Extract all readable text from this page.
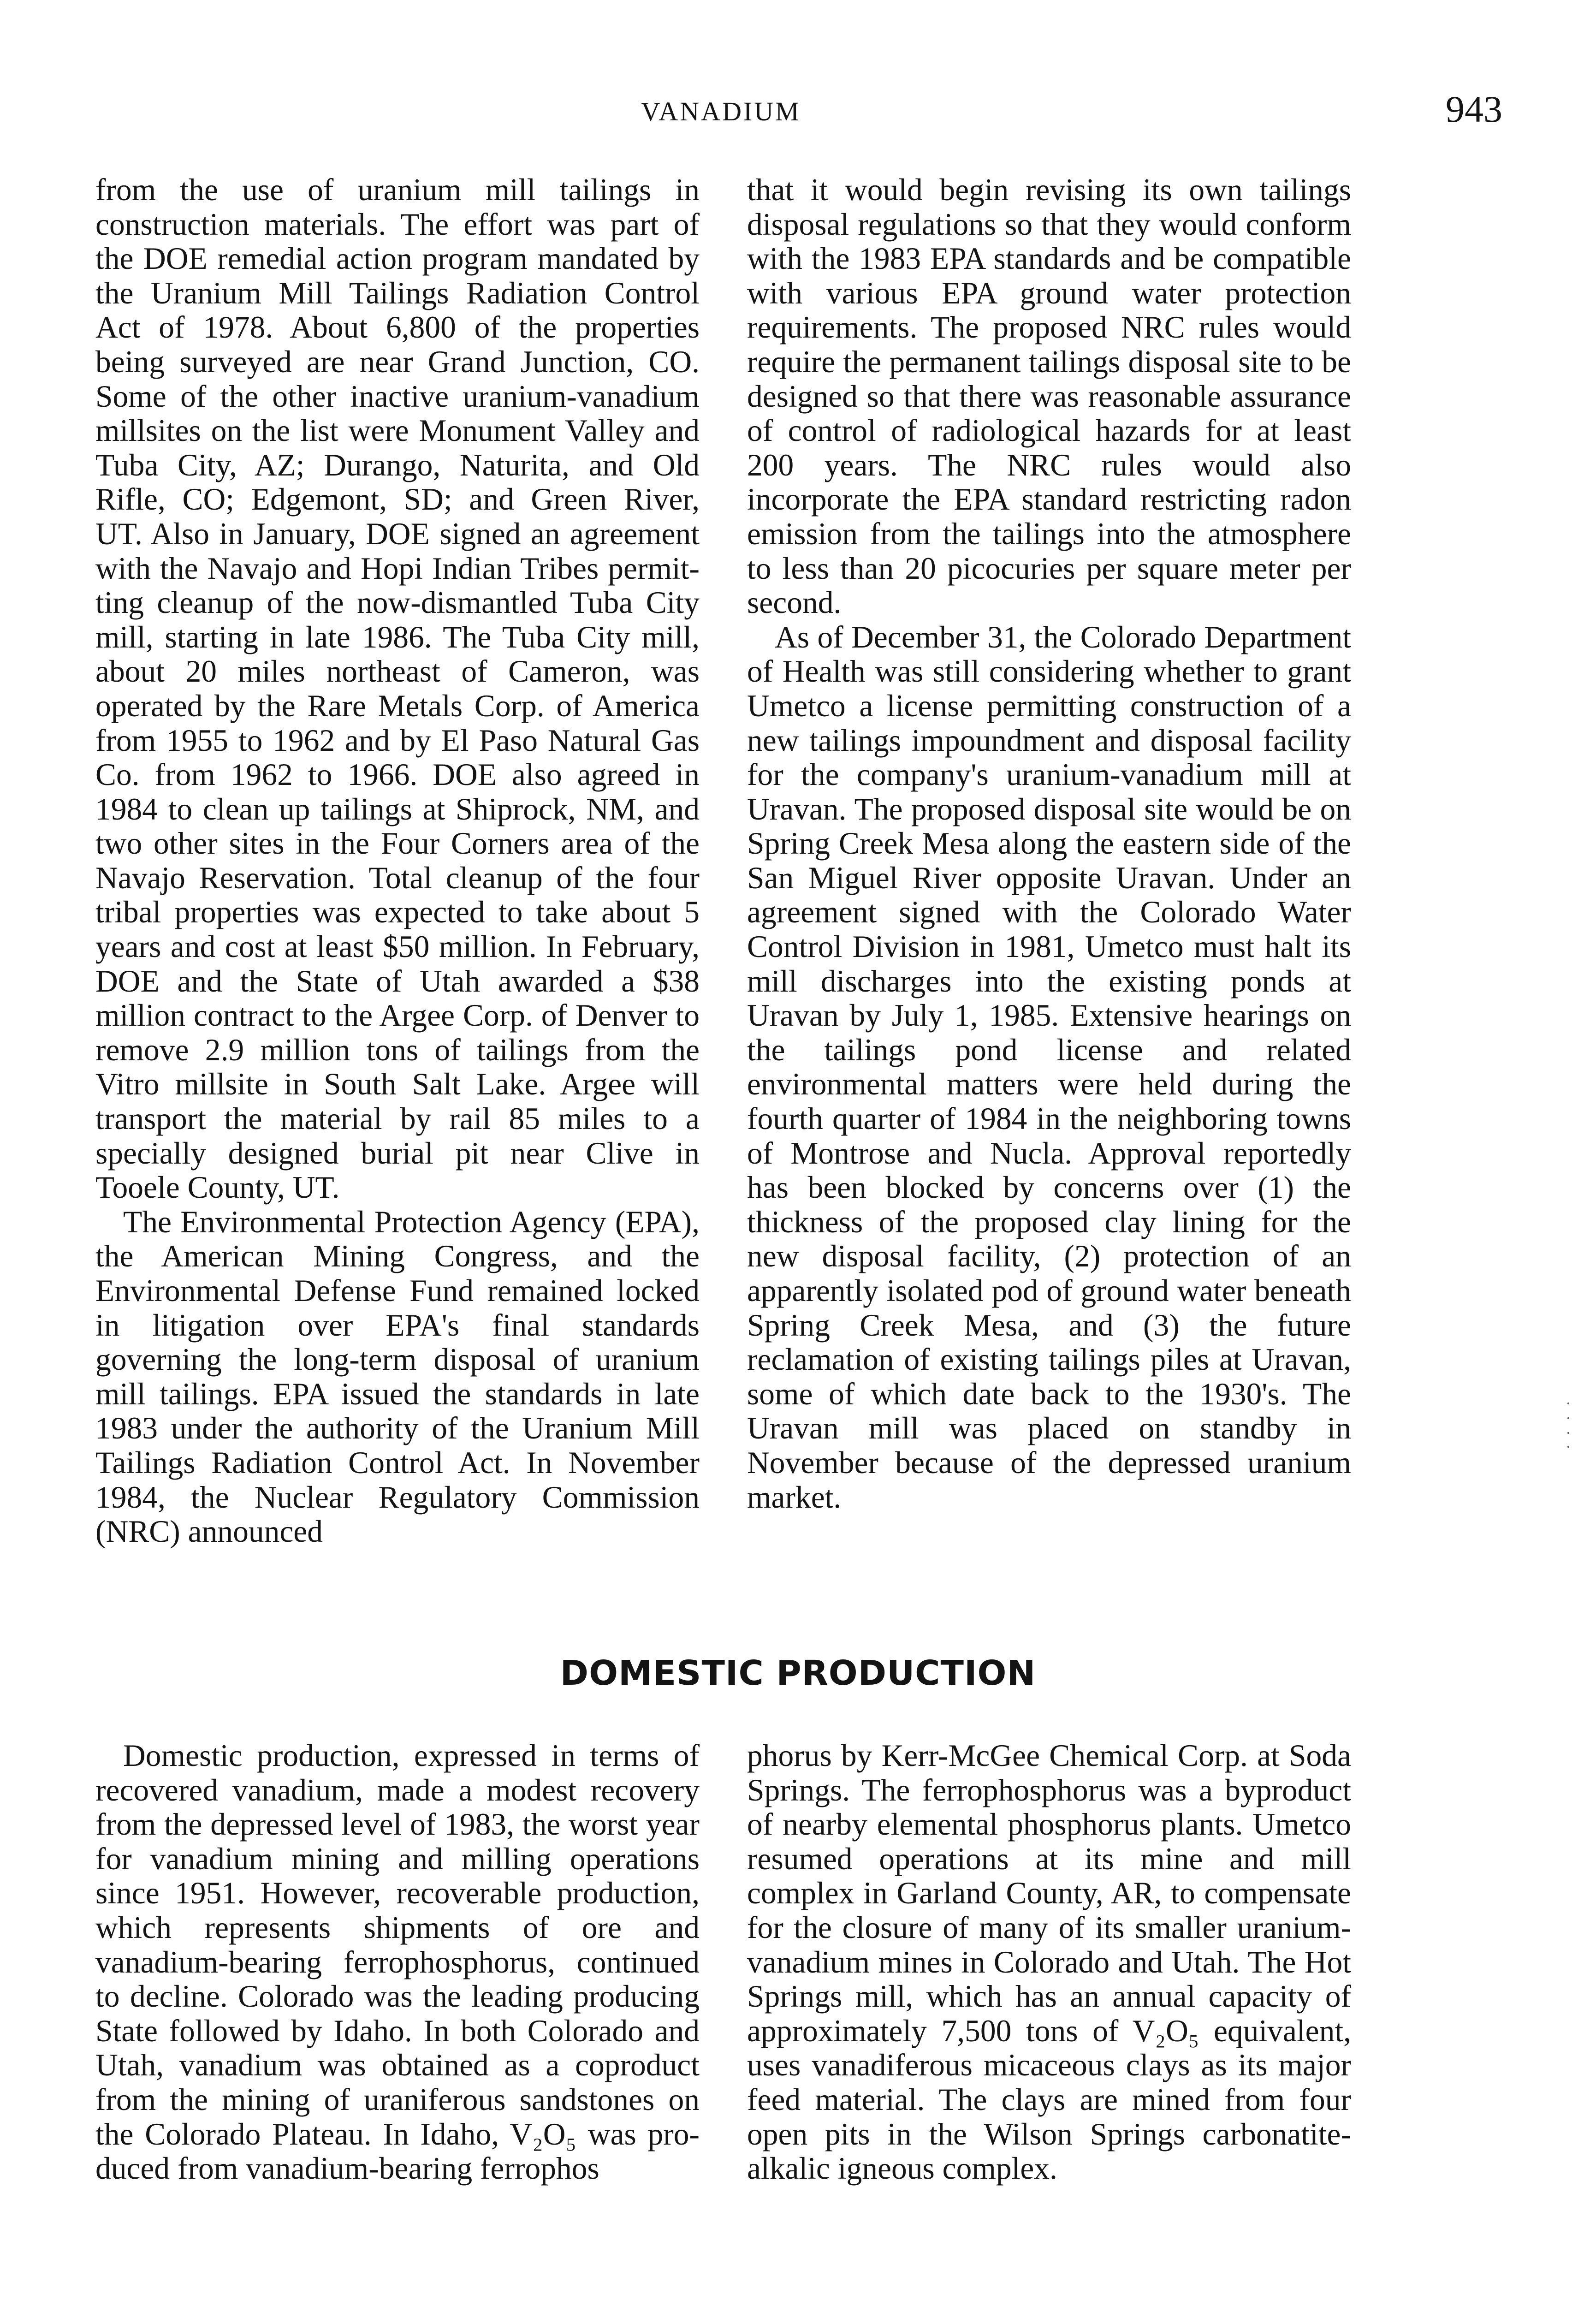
VANADIUM	943

from the use of uranium mill tailings in construction materials. The effort was part of the DOE remedial action program mandated by the Uranium Mill Tailings Radiation Control Act of 1978. About 6,800 of the properties being surveyed are near Grand Junction, CO. Some of the other inactive uranium-vanadium millsites on the list were Monument Valley and Tuba City, AZ; Durango, Naturita, and Old Rifle, CO; Edgemont, SD; and Green River, UT. Also in January, DOE signed an agreement with the Navajo and Hopi Indian Tribes permitting cleanup of the now-dismantled Tuba City mill, starting in late 1986. The Tuba City mill, about 20 miles northeast of Cameron, was operated by the Rare Metals Corp. of America from 1955 to 1962 and by El Paso Natural Gas Co. from 1962 to 1966. DOE also agreed in 1984 to clean up tailings at Shiprock, NM, and two other sites in the Four Corners area of the Navajo Reservation. Total cleanup of the four tribal properties was expected to take about 5 years and cost at least $50 million. In February, DOE and the State of Utah awarded a $38 million contract to the Argee Corp. of Denver to remove 2.9 million tons of tailings from the Vitro millsite in South Salt Lake. Argee will transport the material by rail 85 miles to a specially designed burial pit near Clive in Tooele County, UT.

The Environmental Protection Agency (EPA), the American Mining Congress, and the Environmental Defense Fund remained locked in litigation over EPA's final standards governing the long-term disposal of uranium mill tailings. EPA issued the standards in late 1983 under the authority of the Uranium Mill Tailings Radiation Control Act. In November 1984, the Nuclear Regulatory Commission (NRC) announced

that it would begin revising its own tailings disposal regulations so that they would conform with the 1983 EPA standards and be compatible with various EPA ground water protection requirements. The proposed NRC rules would require the permanent tailings disposal site to be designed so that there was reasonable assurance of control of radiological hazards for at least 200 years. The NRC rules would also incorporate the EPA standard restricting radon emission from the tailings into the atmosphere to less than 20 picocuries per square meter per second.

As of December 31, the Colorado Department of Health was still considering whether to grant Umetco a license permitting construction of a new tailings impoundment and disposal facility for the company's uranium-vanadium mill at Uravan. The proposed disposal site would be on Spring Creek Mesa along the eastern side of the San Miguel River opposite Uravan. Under an agreement signed with the Colorado Water Control Division in 1981, Umetco must halt its mill discharges into the existing ponds at Uravan by July 1, 1985. Extensive hearings on the tailings pond license and related environmental matters were held during the fourth quarter of 1984 in the neighboring towns of Montrose and Nucla. Approval reportedly has been blocked by concerns over (1) the thickness of the proposed clay lining for the new disposal facility, (2) protection of an apparently isolated pod of ground water beneath Spring Creek Mesa, and (3) the future reclamation of existing tailings piles at Uravan, some of which date back to the 1930's. The Uravan mill was placed on standby in November because of the depressed uranium market.

DOMESTIC PRODUCTION

Domestic production, expressed in terms of recovered vanadium, made a modest recovery from the depressed level of 1983, the worst year for vanadium mining and milling operations since 1951. However, recoverable production, which represents shipments of ore and vanadium-bearing ferrophosphorus, continued to decline. Colorado was the leading producing State followed by Idaho. In both Colorado and Utah, vanadium was obtained as a coproduct from the mining of uraniferous sandstones on the Colorado Plateau. In Idaho, V₂O₅ was produced from vanadium-bearing ferrophos

phorus by Kerr-McGee Chemical Corp. at Soda Springs. The ferrophosphorus was a byproduct of nearby elemental phosphorus plants. Umetco resumed operations at its mine and mill complex in Garland County, AR, to compensate for the closure of many of its smaller uranium-vanadium mines in Colorado and Utah. The Hot Springs mill, which has an annual capacity of approximately 7,500 tons of V₂O₅ equivalent, uses vanadiferous micaceous clays as its major feed material. The clays are mined from four open pits in the Wilson Springs carbonatite-alkalic igneous complex.
